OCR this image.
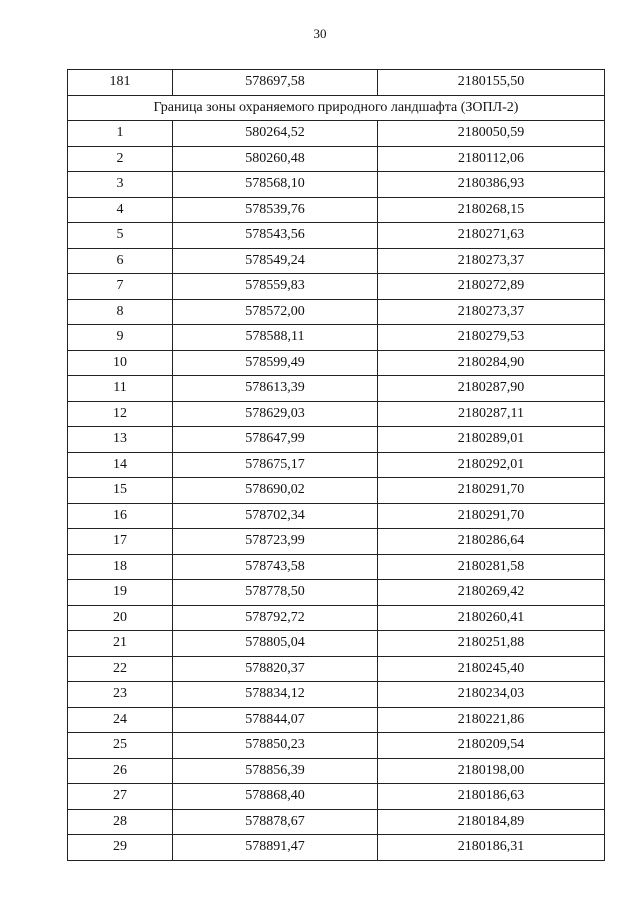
30
181	578697,58	2180155,50
Граница зоны охраняемого природного ландшафта (ЗОПЛ-2)		
1	580264,52	2180050,59
2	580260,48	2180112,06
3	578568,10	2180386,93
4	578539,76	2180268,15
5	578543,56	2180271,63
6	578549,24	2180273,37
7	578559,83	2180272,89
8	578572,00	2180273,37
9	578588,11	2180279,53
10	578599,49	2180284,90
11	578613,39	2180287,90
12	578629,03	2180287,11
13	578647,99	2180289,01
14	578675,17	2180292,01
15	578690,02	2180291,70
16	578702,34	2180291,70
17	578723,99	2180286,64
18	578743,58	2180281,58
19	578778,50	2180269,42
20	578792,72	2180260,41
21	578805,04	2180251,88
22	578820,37	2180245,40
23	578834,12	2180234,03
24	578844,07	2180221,86
25	578850,23	2180209,54
26	578856,39	2180198,00
27	578868,40	2180186,63
28	578878,67	2180184,89
29	578891,47	2180186,31
